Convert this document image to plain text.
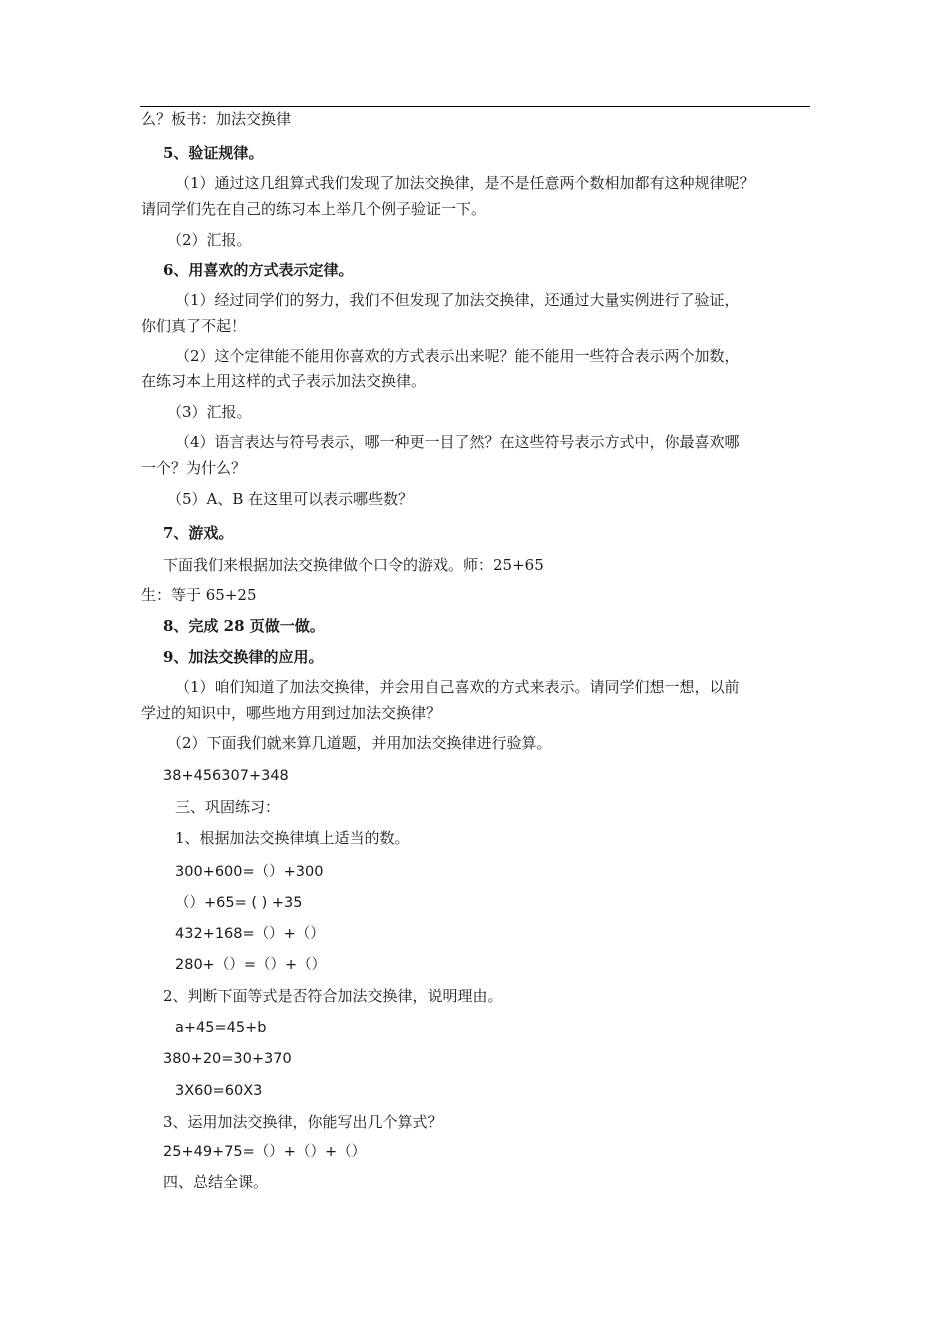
么？板书：加法交换律
5、验证规律。
（1）通过这几组算式我们发现了加法交换律，是不是任意两个数相加都有这种规律呢？
请同学们先在自己的练习本上举几个例子验证一下。
（2）汇报。
6、用喜欢的方式表示定律。
（1）经过同学们的努力，我们不但发现了加法交换律，还通过大量实例进行了验证，
你们真了不起！
（2）这个定律能不能用你喜欢的方式表示出来呢？能不能用一些符合表示两个加数，
在练习本上用这样的式子表示加法交换律。
（3）汇报。
（4）语言表达与符号表示，哪一种更一目了然？在这些符号表示方式中，你最喜欢哪
一个？为什么？
（5）A、B 在这里可以表示哪些数？
7、游戏。
下面我们来根据加法交换律做个口令的游戏。师：25+65
生：等于 65+25
8、完成 28 页做一做。
9、加法交换律的应用。
（1）咱们知道了加法交换律，并会用自己喜欢的方式来表示。请同学们想一想，以前
学过的知识中，哪些地方用到过加法交换律？
（2）下面我们就来算几道题，并用加法交换律进行验算。
38+456307+348
三、巩固练习：
1、根据加法交换律填上适当的数。
300+600=（）+300
（）+65= ( ) +35
432+168=（）+（）
280+（）=（）+（）
2、判断下面等式是否符合加法交换律，说明理由。
a+45=45+b
380+20=30+370
3Ⅹ60=60Ⅹ3
3、运用加法交换律，你能写出几个算式？
25+49+75=（）+（）+（）
四、总结全课。
